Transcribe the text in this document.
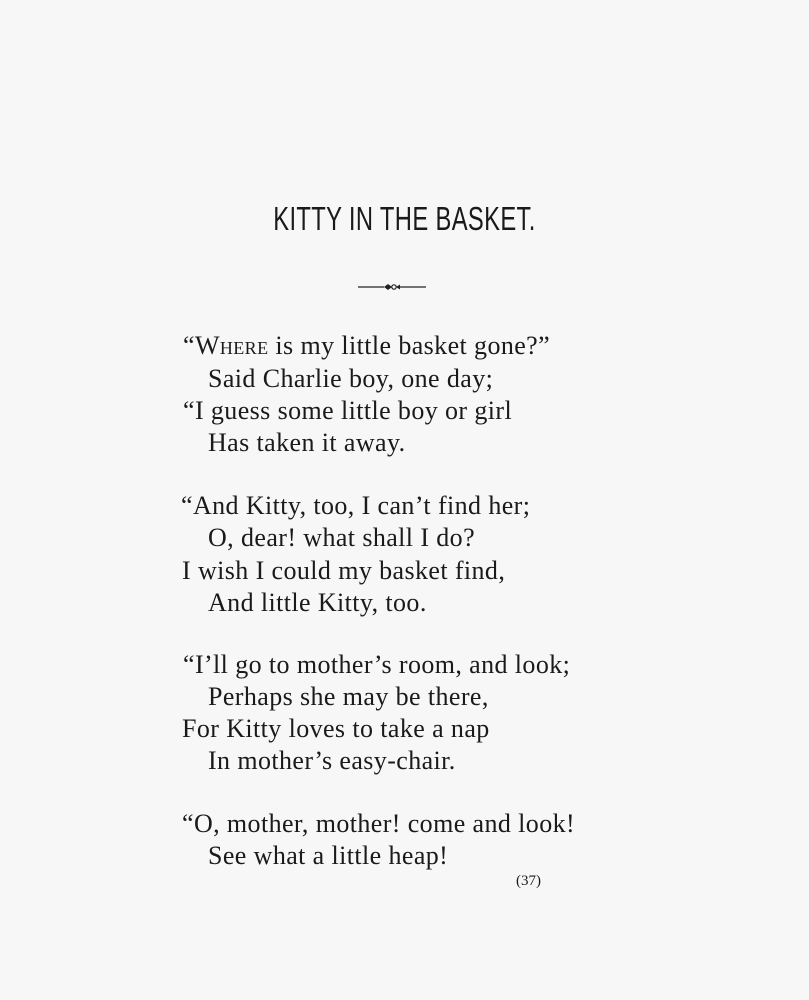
KITTY IN THE BASKET.
“Where is my little basket gone?”
Said Charlie boy, one day;
“I guess some little boy or girl
Has taken it away.
“And Kitty, too, I can’t find her;
O, dear! what shall I do?
I wish I could my basket find,
And little Kitty, too.
“I’ll go to mother’s room, and look;
Perhaps she may be there,
For Kitty loves to take a nap
In mother’s easy-chair.
“O, mother, mother! come and look!
See what a little heap!
(37)
